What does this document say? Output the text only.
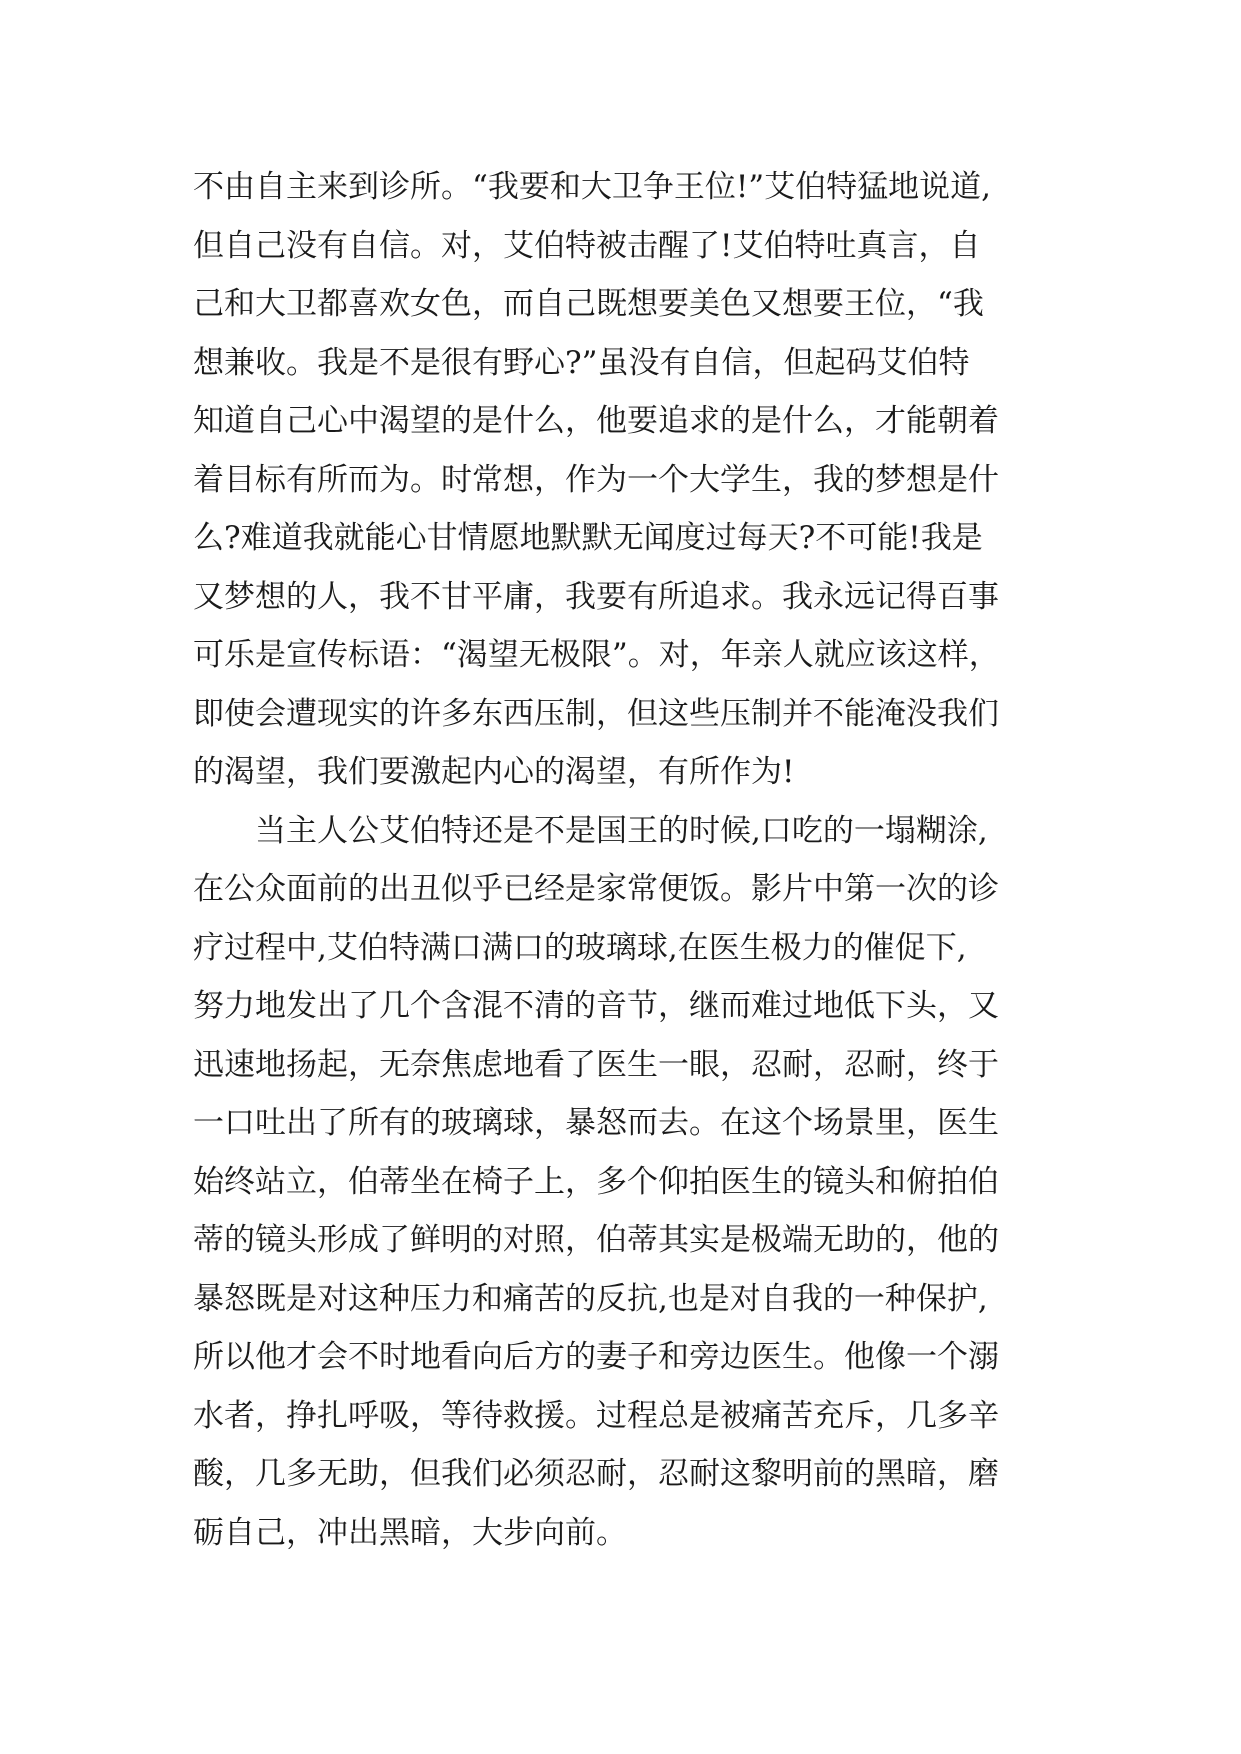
不由自主来到诊所。“我要和大卫争王位!”艾伯特猛地说道,
但自己没有自信。对，艾伯特被击醒了!艾伯特吐真言，自
己和大卫都喜欢女色，而自己既想要美色又想要王位，“我
想兼收。我是不是很有野心?”虽没有自信，但起码艾伯特
知道自己心中渴望的是什么，他要追求的是什么，才能朝着
着目标有所而为。时常想，作为一个大学生，我的梦想是什
么?难道我就能心甘情愿地默默无闻度过每天?不可能!我是
又梦想的人，我不甘平庸，我要有所追求。我永远记得百事
可乐是宣传标语：“渴望无极限”。对，年亲人就应该这样，
即使会遭现实的许多东西压制，但这些压制并不能淹没我们
的渴望，我们要激起内心的渴望，有所作为!
　　当主人公艾伯特还是不是国王的时候,口吃的一塌糊涂,
在公众面前的出丑似乎已经是家常便饭。影片中第一次的诊
疗过程中,艾伯特满口满口的玻璃球,在医生极力的催促下,
努力地发出了几个含混不清的音节，继而难过地低下头，又
迅速地扬起，无奈焦虑地看了医生一眼，忍耐，忍耐，终于
一口吐出了所有的玻璃球，暴怒而去。在这个场景里，医生
始终站立，伯蒂坐在椅子上，多个仰拍医生的镜头和俯拍伯
蒂的镜头形成了鲜明的对照，伯蒂其实是极端无助的，他的
暴怒既是对这种压力和痛苦的反抗,也是对自我的一种保护,
所以他才会不时地看向后方的妻子和旁边医生。他像一个溺
水者，挣扎呼吸，等待救援。过程总是被痛苦充斥，几多辛
酸，几多无助，但我们必须忍耐，忍耐这黎明前的黑暗，磨
砺自己，冲出黑暗，大步向前。
